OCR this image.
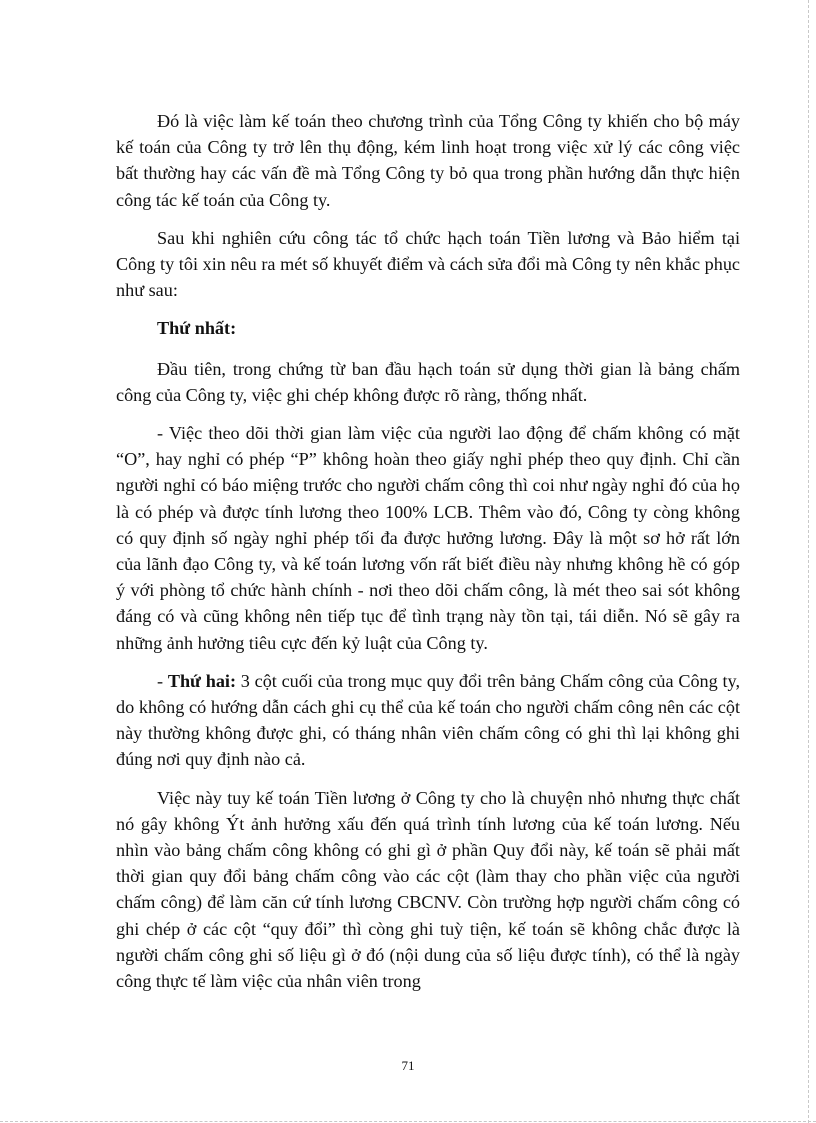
Đó là việc làm kế toán theo chương trình của Tổng Công ty khiến cho bộ máy kế toán của Công ty trở lên thụ động, kém linh hoạt trong việc xử lý các công việc bất thường hay các vấn đề mà Tổng Công ty bỏ qua trong phần hướng dẫn thực hiện công tác kế toán của Công ty.

Sau khi nghiên cứu công tác tổ chức hạch toán Tiền lương và Bảo hiểm tại Công ty tôi xin nêu ra mét số khuyết điểm và cách sửa đổi mà Công ty nên khắc phục như sau:

Thứ nhất:

Đầu tiên, trong chứng từ ban đầu hạch toán sử dụng thời gian là bảng chấm công của Công ty, việc ghi chép không được rõ ràng, thống nhất.

- Việc theo dõi thời gian làm việc của người lao động để chấm không có mặt “O”, hay nghỉ có phép “P” không hoàn theo giấy nghỉ phép theo quy định. Chỉ cần người nghỉ có báo miệng trước cho người chấm công thì coi như ngày nghỉ đó của họ là có phép và được tính lương theo 100% LCB. Thêm vào đó, Công ty còng không có quy định số ngày nghỉ phép tối đa được hưởng lương. Đây là một sơ hở rất lớn của lãnh đạo Công ty, và kế toán lương vốn rất biết điều này nhưng không hề có góp ý với phòng tổ chức hành chính - nơi theo dõi chấm công, là mét theo sai sót không đáng có và cũng không nên tiếp tục để tình trạng này tồn tại, tái diễn. Nó sẽ gây ra những ảnh hưởng tiêu cực đến kỷ luật của Công ty.

- Thứ hai: 3 cột cuối của trong mục quy đổi trên bảng Chấm công của Công ty, do không có hướng dẫn cách ghi cụ thể của kế toán cho người chấm công nên các cột này thường không được ghi, có tháng nhân viên chấm công có ghi thì lại không ghi đúng nơi quy định nào cả.

Việc này tuy kế toán Tiền lương ở Công ty cho là chuyện nhỏ nhưng thực chất nó gây không Ýt ảnh hưởng xấu đến quá trình tính lương của kế toán lương. Nếu nhìn vào bảng chấm công không có ghi gì ở phần Quy đổi này, kế toán sẽ phải mất thời gian quy đổi bảng chấm công vào các cột (làm thay cho phần việc của người chấm công) để làm căn cứ tính lương CBCNV. Còn trường hợp người chấm công có ghi chép ở các cột “quy đổi” thì còng ghi tuỳ tiện, kế toán sẽ không chắc được là người chấm công ghi số liệu gì ở đó (nội dung của số liệu được tính), có thể là ngày công thực tế làm việc của nhân viên trong

71
